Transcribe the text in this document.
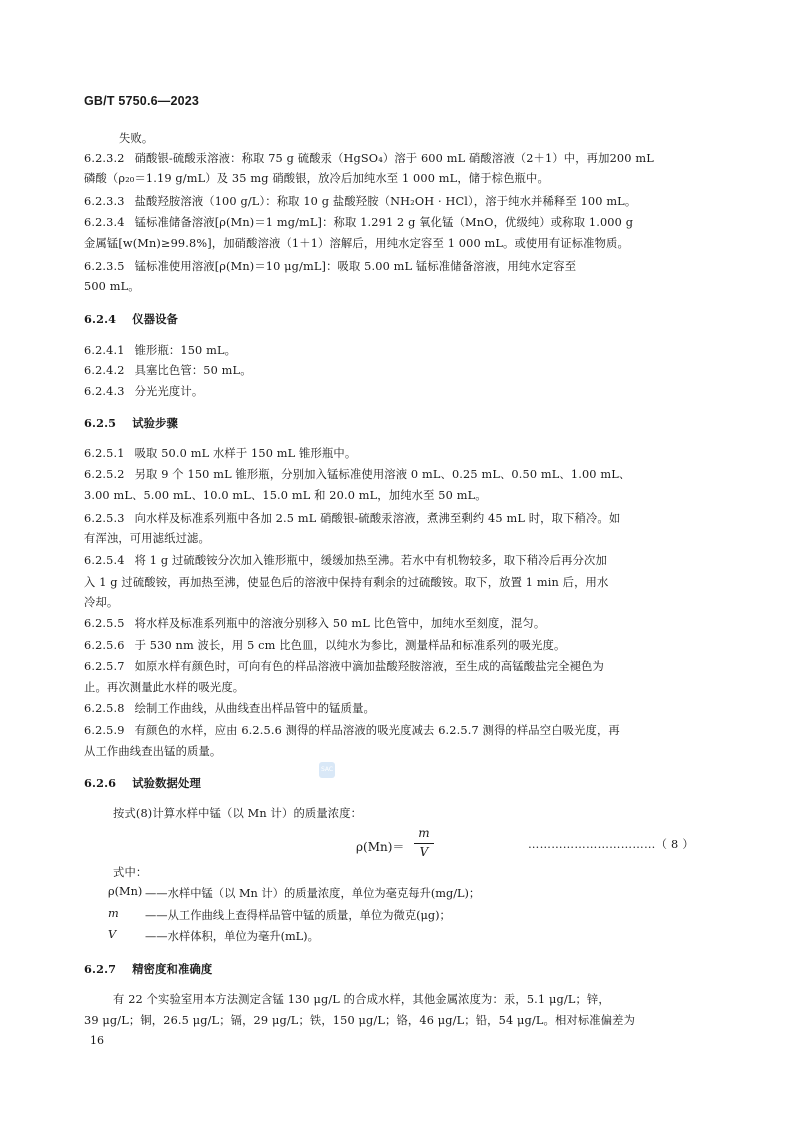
GB/T 5750.6—2023
失败。
6.2.3.2 硝酸银-硫酸汞溶液：称取 75 g 硫酸汞（HgSO₄）溶于 600 mL 硝酸溶液（2＋1）中，再加200 mL
磷酸（ρ₂₀＝1.19 g/mL）及 35 mg 硝酸银，放冷后加纯水至 1 000 mL，储于棕色瓶中。
6.2.3.3 盐酸羟胺溶液（100 g/L）：称取 10 g 盐酸羟胺（NH₂OH · HCl），溶于纯水并稀释至 100 mL。
6.2.3.4 锰标准储备溶液[ρ(Mn)＝1 mg/mL]：称取 1.291 2 g 氧化锰（MnO，优级纯）或称取 1.000 g
金属锰[w(Mn)≥99.8%]，加硝酸溶液（1＋1）溶解后，用纯水定容至 1 000 mL。或使用有证标准物质。
6.2.3.5 锰标准使用溶液[ρ(Mn)＝10 μg/mL]：吸取 5.00 mL 锰标准储备溶液，用纯水定容至
500 mL。
6.2.4 仪器设备
6.2.4.1 锥形瓶：150 mL。
6.2.4.2 具塞比色管：50 mL。
6.2.4.3 分光光度计。
6.2.5 试验步骤
6.2.5.1 吸取 50.0 mL 水样于 150 mL 锥形瓶中。
6.2.5.2 另取 9 个 150 mL 锥形瓶，分别加入锰标准使用溶液 0 mL、0.25 mL、0.50 mL、1.00 mL、
3.00 mL、5.00 mL、10.0 mL、15.0 mL 和 20.0 mL，加纯水至 50 mL。
6.2.5.3 向水样及标准系列瓶中各加 2.5 mL 硝酸银-硫酸汞溶液，煮沸至剩约 45 mL 时，取下稍冷。如
有浑浊，可用滤纸过滤。
6.2.5.4 将 1 g 过硫酸铵分次加入锥形瓶中，缓缓加热至沸。若水中有机物较多，取下稍冷后再分次加
入 1 g 过硫酸铵，再加热至沸，使显色后的溶液中保持有剩余的过硫酸铵。取下，放置 1 min 后，用水
冷却。
6.2.5.5 将水样及标准系列瓶中的溶液分别移入 50 mL 比色管中，加纯水至刻度，混匀。
6.2.5.6 于 530 nm 波长，用 5 cm 比色皿，以纯水为参比，测量样品和标准系列的吸光度。
6.2.5.7 如原水样有颜色时，可向有色的样品溶液中滴加盐酸羟胺溶液，至生成的高锰酸盐完全褪色为
止。再次测量此水样的吸光度。
6.2.5.8 绘制工作曲线，从曲线查出样品管中的锰质量。
6.2.5.9 有颜色的水样，应由 6.2.5.6 测得的样品溶液的吸光度减去 6.2.5.7 测得的样品空白吸光度，再
从工作曲线查出锰的质量。
SAC
6.2.6 试验数据处理
按式(8)计算水样中锰（以 Mn 计）的质量浓度：
ρ(Mn)＝
m
V
……………………………（ 8 ）
式中：
ρ(Mn) ——水样中锰（以 Mn 计）的质量浓度，单位为毫克每升(mg/L)；
m ——从工作曲线上查得样品管中锰的质量，单位为微克(μg)；
V	——水样体积，单位为毫升(mL)。
6.2.7 精密度和准确度
有 22 个实验室用本方法测定含锰 130 μg/L 的合成水样，其他金属浓度为：汞，5.1 μg/L；锌，
39 μg/L；铜，26.5 μg/L；镉，29 μg/L；铁，150 μg/L；铬，46 μg/L；铅，54 μg/L。相对标准偏差为
16
